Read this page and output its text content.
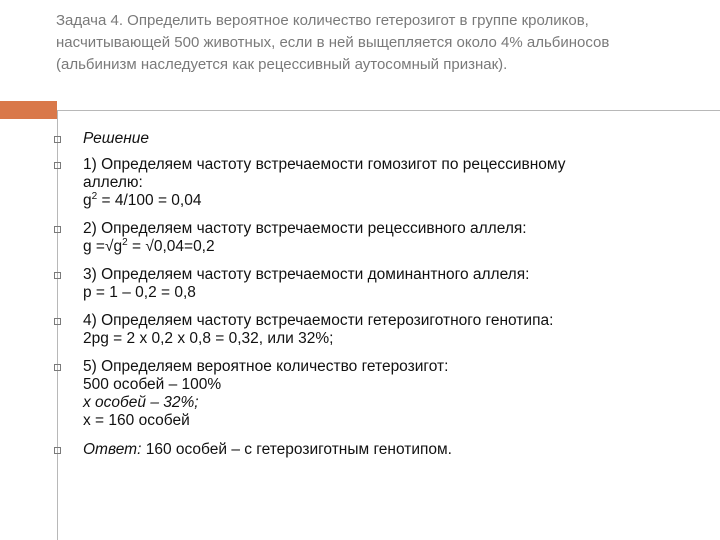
Задача 4. Определить вероятное количество гетерозигот в группе кроликов,
насчитывающей 500 животных, если в ней выщепляется около 4% альбиносов
(альбинизм наследуется как рецессивный аутосомный признак).
Решение
1) Определяем частоту встречаемости гомозигот по рецессивному
аллелю:
$g^2 = 4/100 = 0,04$
2) Определяем частоту встречаемости рецессивного аллеля:
$g =√g^2 = √0,04=0,2$
3) Определяем частоту встречаемости доминантного аллеля:
р = 1 – 0,2 = 0,8
4) Определяем частоту встречаемости гетерозиготного генотипа:
2pg = 2 х 0,2 х 0,8 = 0,32, или 32%;
5) Определяем вероятное количество гетерозигот:
500 особей – 100%
х особей – 32%;
х = 160 особей
Ответ: 160 особей – с гетерозиготным генотипом.
